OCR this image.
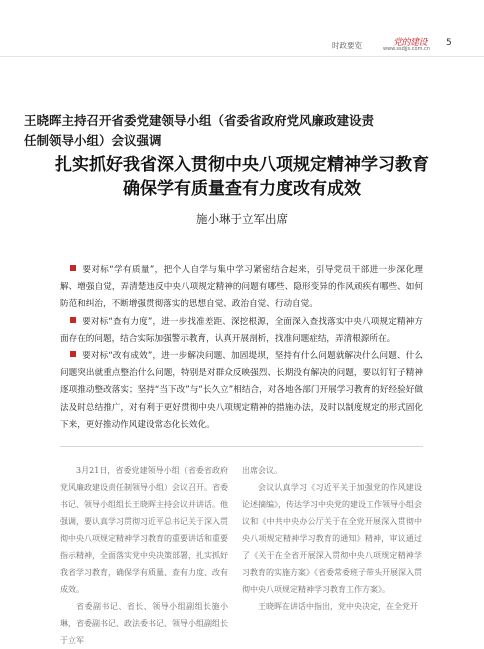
时政要览	党的建设
www.ssdjjs.com.cn
5
王晓晖主持召开省委党建领导小组（省委省政府党风廉政建设责
任制领导小组）会议强调
扎实抓好我省深入贯彻中央八项规定精神学习教育
确保学有质量查有力度改有成效
施小琳于立军出席

要对标“学有质量”，把个人自学与集中学习紧密结合起来，引导党员干部进一步深化理解、增强自觉，弄清楚违反中央八项规定精神的问题有哪些、隐形变异的作风顽疾有哪些、如何防范和纠治，不断增强贯彻落实的思想自觉、政治自觉、行动自觉。

要对标“查有力度”，进一步找准差距、深挖根源，全面深入查找落实中央八项规定精神方面存在的问题，结合实际加强警示教育，认真开展剖析，找准问题症结，弄清根源所在。

要对标“改有成效”，进一步解决问题、加固堤坝，坚持有什么问题就解决什么问题、什么问题突出就重点整治什么问题，特别是对群众反映强烈、长期没有解决的问题，要以钉钉子精神逐项推动整改落实；坚持“当下改”与“长久立”相结合，对各地各部门开展学习教育的好经验好做法及时总结推广，对有利于更好贯彻中央八项规定精神的措施办法，及时以制度规定的形式固化下来，更好推动作风建设常态化长效化。

3月21日，省委党建领导小组（省委省政府党风廉政建设责任制领导小组）会议召开。省委书记、领导小组组长王晓晖主持会议并讲话。他强调，要认真学习贯彻习近平总书记关于深入贯彻中央八项规定精神学习教育的重要讲话和重要指示精神，全面落实党中央决策部署，扎实抓好我省学习教育，确保学有质量、查有力度、改有成效。

省委副书记、省长、领导小组副组长施小琳，省委副书记、政法委书记、领导小组副组长于立军

出席会议。

会议认真学习《习近平关于加强党的作风建设论述摘编》，传达学习中央党的建设工作领导小组会议和《中共中央办公厅关于在全党开展深入贯彻中央八项规定精神学习教育的通知》精神，审议通过了《关于在全省开展深入贯彻中央八项规定精神学习教育的实施方案》《省委常委班子带头开展深入贯彻中央八项规定精神学习教育工作方案》。

王晓晖在讲话中指出，党中央决定，在全党开
